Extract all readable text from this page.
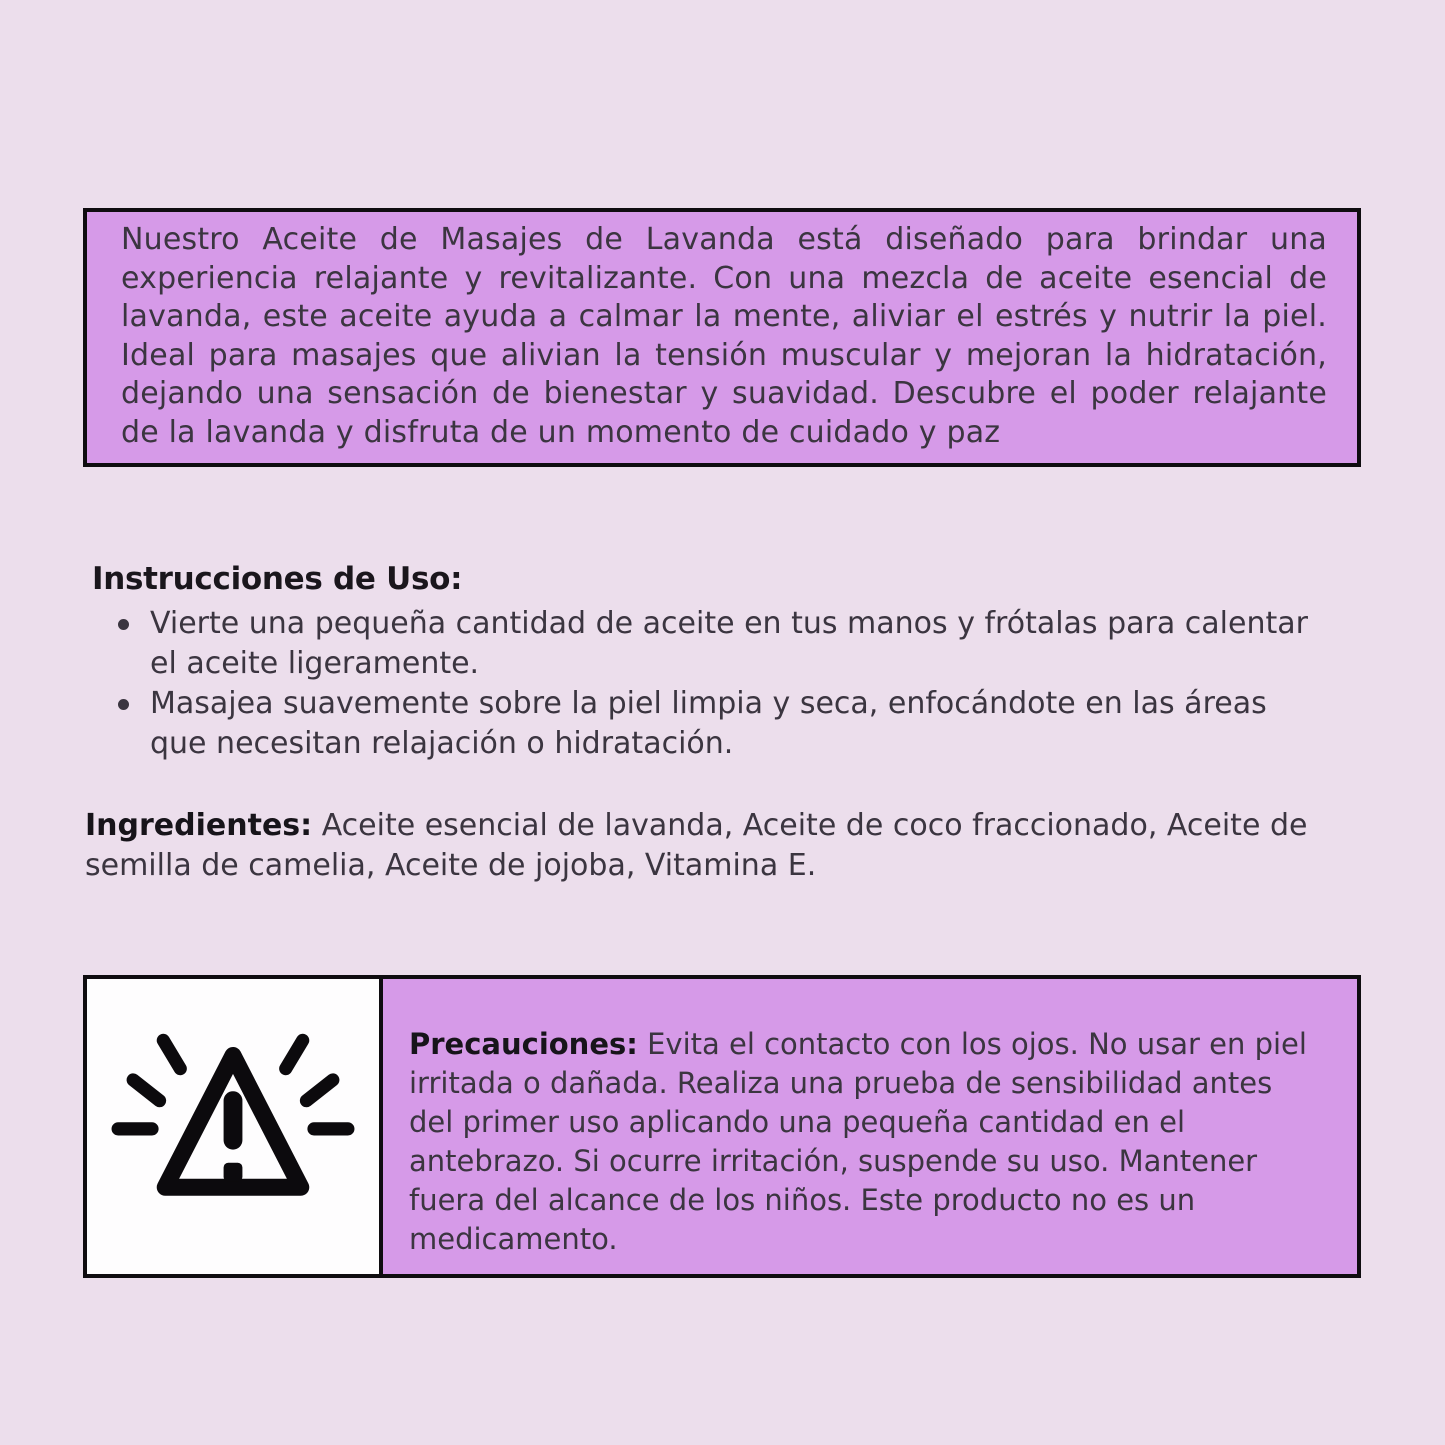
Nuestro Aceite de Masajes de Lavanda está diseñado para brindar una experiencia relajante y revitalizante. Con una mezcla de aceite esencial de lavanda, este aceite ayuda a calmar la mente, aliviar el estrés y nutrir la piel. Ideal para masajes que alivian la tensión muscular y mejoran la hidratación, dejando una sensación de bienestar y suavidad. Descubre el poder relajante de la lavanda y disfruta de un momento de cuidado y paz

Instrucciones de Uso:
Vierte una pequeña cantidad de aceite en tus manos y frótalas para calentar el aceite ligeramente.
Masajea suavemente sobre la piel limpia y seca, enfocándote en las áreas que necesitan relajación o hidratación.

Ingredientes: Aceite esencial de lavanda, Aceite de coco fraccionado, Aceite de semilla de camelia, Aceite de jojoba, Vitamina E.

Precauciones: Evita el contacto con los ojos. No usar en piel irritada o dañada. Realiza una prueba de sensibilidad antes del primer uso aplicando una pequeña cantidad en el antebrazo. Si ocurre irritación, suspende su uso. Mantener fuera del alcance de los niños. Este producto no es un medicamento.
